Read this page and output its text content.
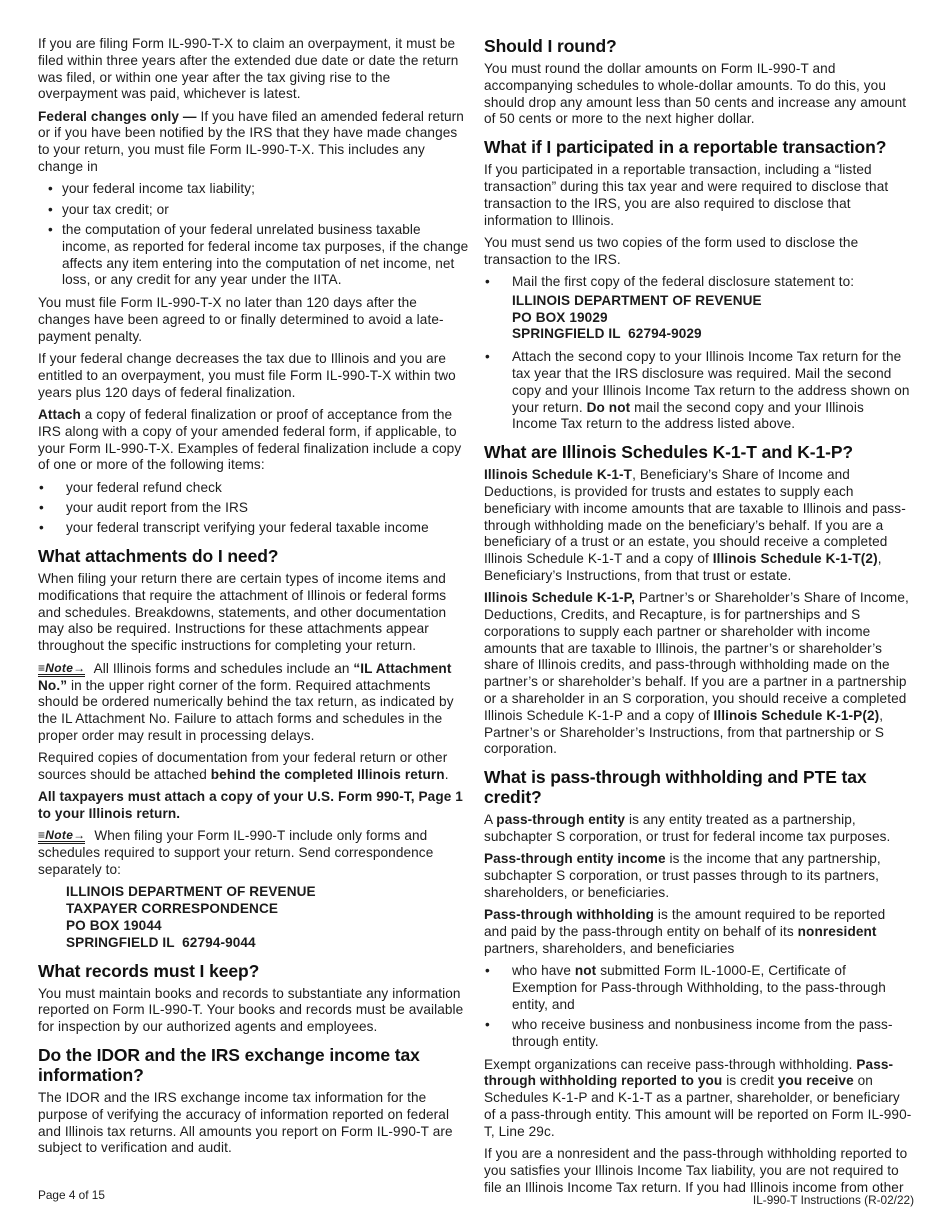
If you are filing Form IL-990-T-X to claim an overpayment, it must be filed within three years after the extended due date or date the return was filed, or within one year after the tax giving rise to the overpayment was paid, whichever is latest.

Federal changes only — If you have filed an amended federal return or if you have been notified by the IRS that they have made changes to your return, you must file Form IL-990-T-X. This includes any change in

• your federal income tax liability;
• your tax credit; or
• the computation of your federal unrelated business taxable income, as reported for federal income tax purposes, if the change affects any item entering into the computation of net income, net loss, or any credit for any year under the IITA.

You must file Form IL-990-T-X no later than 120 days after the changes have been agreed to or finally determined to avoid a late-payment penalty.

If your federal change decreases the tax due to Illinois and you are entitled to an overpayment, you must file Form IL-990-T-X within two years plus 120 days of federal finalization.

Attach a copy of federal finalization or proof of acceptance from the IRS along with a copy of your amended federal form, if applicable, to your Form IL-990-T-X. Examples of federal finalization include a copy of one or more of the following items:

• your federal refund check
• your audit report from the IRS
• your federal transcript verifying your federal taxable income
What attachments do I need?

When filing your return there are certain types of income items and modifications that require the attachment of Illinois or federal forms and schedules. Breakdowns, statements, and other documentation may also be required. Instructions for these attachments appear throughout the specific instructions for completing your return.

≡Note→ All Illinois forms and schedules include an “IL Attachment No.” in the upper right corner of the form. Required attachments should be ordered numerically behind the tax return, as indicated by the IL Attachment No. Failure to attach forms and schedules in the proper order may result in processing delays.

Required copies of documentation from your federal return or other sources should be attached behind the completed Illinois return.

All taxpayers must attach a copy of your U.S. Form 990-T, Page 1 to your Illinois return.

≡Note→ When filing your Form IL-990-T include only forms and schedules required to support your return. Send correspondence separately to:

ILLINOIS DEPARTMENT OF REVENUE
TAXPAYER CORRESPONDENCE
PO BOX 19044
SPRINGFIELD IL  62794-9044
What records must I keep?

You must maintain books and records to substantiate any information reported on Form IL-990-T. Your books and records must be available for inspection by our authorized agents and employees.

Do the IDOR and the IRS exchange income tax information?

The IDOR and the IRS exchange income tax information for the purpose of verifying the accuracy of information reported on federal and Illinois tax returns. All amounts you report on Form IL-990-T are subject to verification and audit.

Should I round?

You must round the dollar amounts on Form IL-990-T and accompanying schedules to whole-dollar amounts. To do this, you should drop any amount less than 50 cents and increase any amount of 50 cents or more to the next higher dollar.

What if I participated in a reportable transaction?

If you participated in a reportable transaction, including a “listed transaction” during this tax year and were required to disclose that transaction to the IRS, you are also required to disclose that information to Illinois.

You must send us two copies of the form used to disclose the transaction to the IRS.

• Mail the first copy of the federal disclosure statement to:
ILLINOIS DEPARTMENT OF REVENUE
PO BOX 19029
SPRINGFIELD IL  62794-9029
• Attach the second copy to your Illinois Income Tax return for the tax year that the IRS disclosure was required. Mail the second copy and your Illinois Income Tax return to the address shown on your return. Do not mail the second copy and your Illinois Income Tax return to the address listed above.
What are Illinois Schedules K-1-T and K-1-P?

Illinois Schedule K-1-T, Beneficiary’s Share of Income and Deductions, is provided for trusts and estates to supply each beneficiary with income amounts that are taxable to Illinois and pass-through withholding made on the beneficiary’s behalf. If you are a beneficiary of a trust or an estate, you should receive a completed Illinois Schedule K-1-T and a copy of Illinois Schedule K-1-T(2), Beneficiary’s Instructions, from that trust or estate.

Illinois Schedule K-1-P, Partner’s or Shareholder’s Share of Income, Deductions, Credits, and Recapture, is for partnerships and S corporations to supply each partner or shareholder with income amounts that are taxable to Illinois, the partner’s or shareholder’s share of Illinois credits, and pass-through withholding made on the partner’s or shareholder’s behalf. If you are a partner in a partnership or a shareholder in an S corporation, you should receive a completed Illinois Schedule K-1-P and a copy of Illinois Schedule K-1-P(2), Partner’s or Shareholder’s Instructions, from that partnership or S corporation.

What is pass-through withholding and PTE tax credit?

A pass-through entity is any entity treated as a partnership, subchapter S corporation, or trust for federal income tax purposes.

Pass-through entity income is the income that any partnership, subchapter S corporation, or trust passes through to its partners, shareholders, or beneficiaries.

Pass-through withholding is the amount required to be reported and paid by the pass-through entity on behalf of its nonresident partners, shareholders, and beneficiaries

• who have not submitted Form IL-1000-E, Certificate of Exemption for Pass-through Withholding, to the pass-through entity, and
• who receive business and nonbusiness income from the pass-through entity.

Exempt organizations can receive pass-through withholding. Pass-through withholding reported to you is credit you receive on Schedules K-1-P and K-1-T as a partner, shareholder, or beneficiary of a pass-through entity. This amount will be reported on Form IL-990-T, Line 29c.

If you are a nonresident and the pass-through withholding reported to you satisfies your Illinois Income Tax liability, you are not required to file an Illinois Income Tax return. If you had Illinois income from other

Page 4 of 15	IL-990-T Instructions (R-02/22)
